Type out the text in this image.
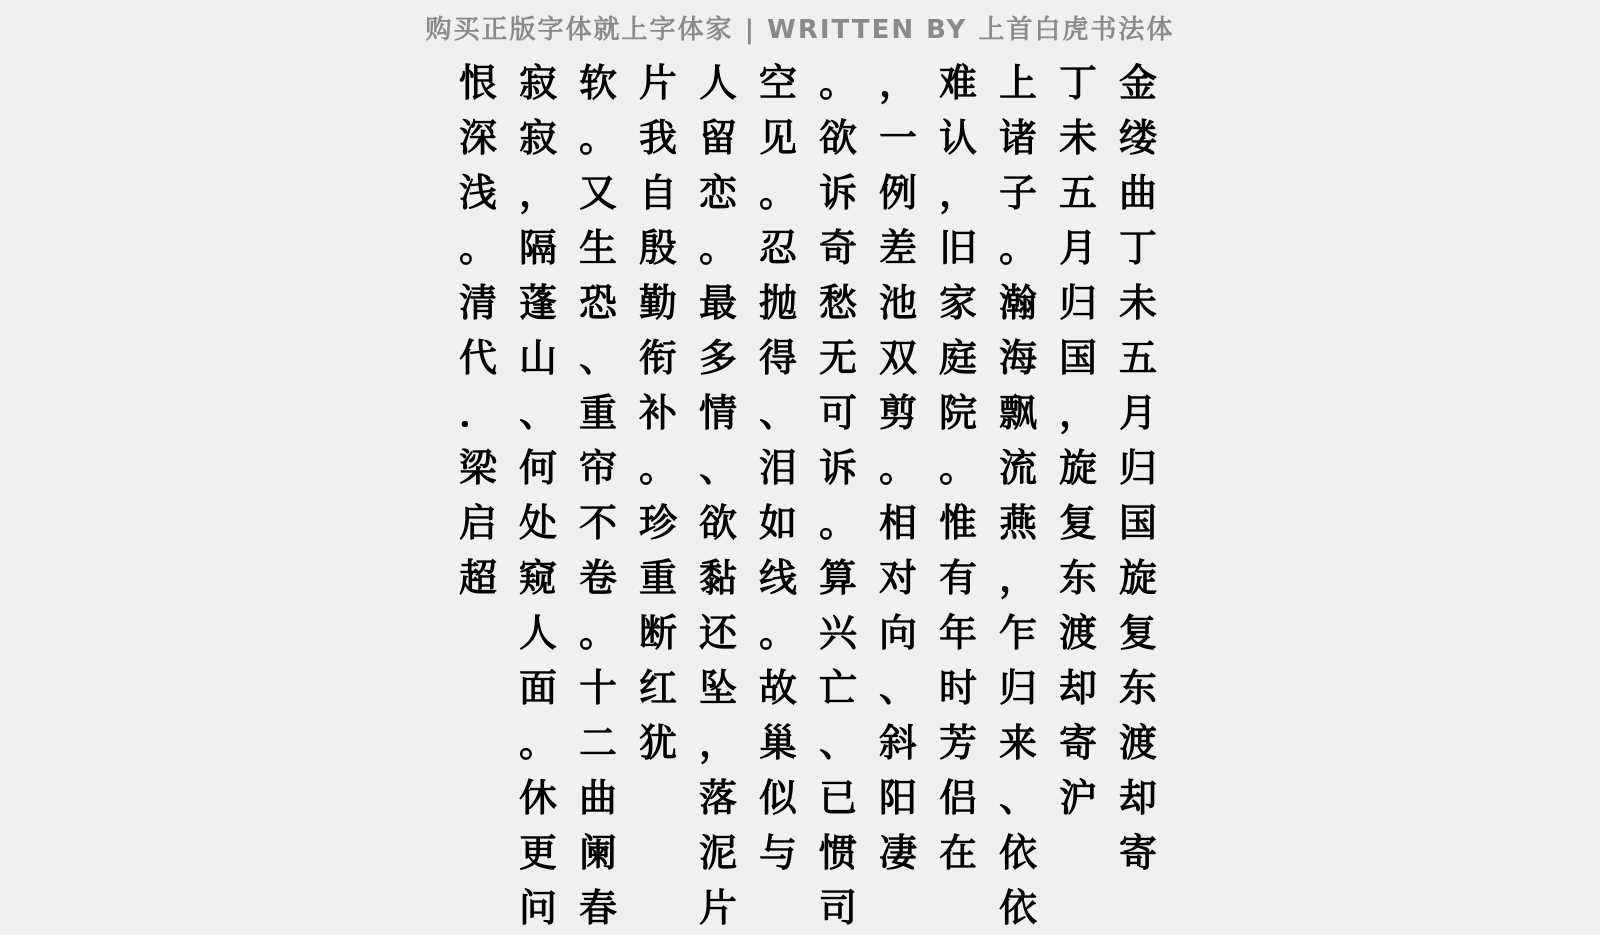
购买正版字体就上字体家 | WRITTEN BY 上首白虎书法体
金
缕
曲
丁
未
五
月
归
国
旋
复
东
渡
却
寄
丁
未
五
月
归
国
，
旋
复
东
渡
却
寄
沪
上
诸
子
。
瀚
海
飘
流
燕
，
乍
归
来
、
依
依
难
认
，
旧
家
庭
院
。
惟
有
年
时
芳
侣
在
，
一
例
差
池
双
剪
。
相
对
向
、
斜
阳
凄
。
欲
诉
奇
愁
无
可
诉
。
算
兴
亡
、
已
惯
司
空
见
。
忍
抛
得
、
泪
如
线
。
故
巢
似
与
人
留
恋
。
最
多
情
、
欲
黏
还
坠
，
落
泥
片
片
我
自
殷
勤
衔
补
。
珍
重
断
红
犹
软
。
又
生
恐
、
重
帘
不
卷
。
十
二
曲
阑
春
寂
寂
，
隔
蓬
山
、
何
处
窥
人
面
。
休
更
问
恨
深
浅
。
清
代
．
梁
启
超
